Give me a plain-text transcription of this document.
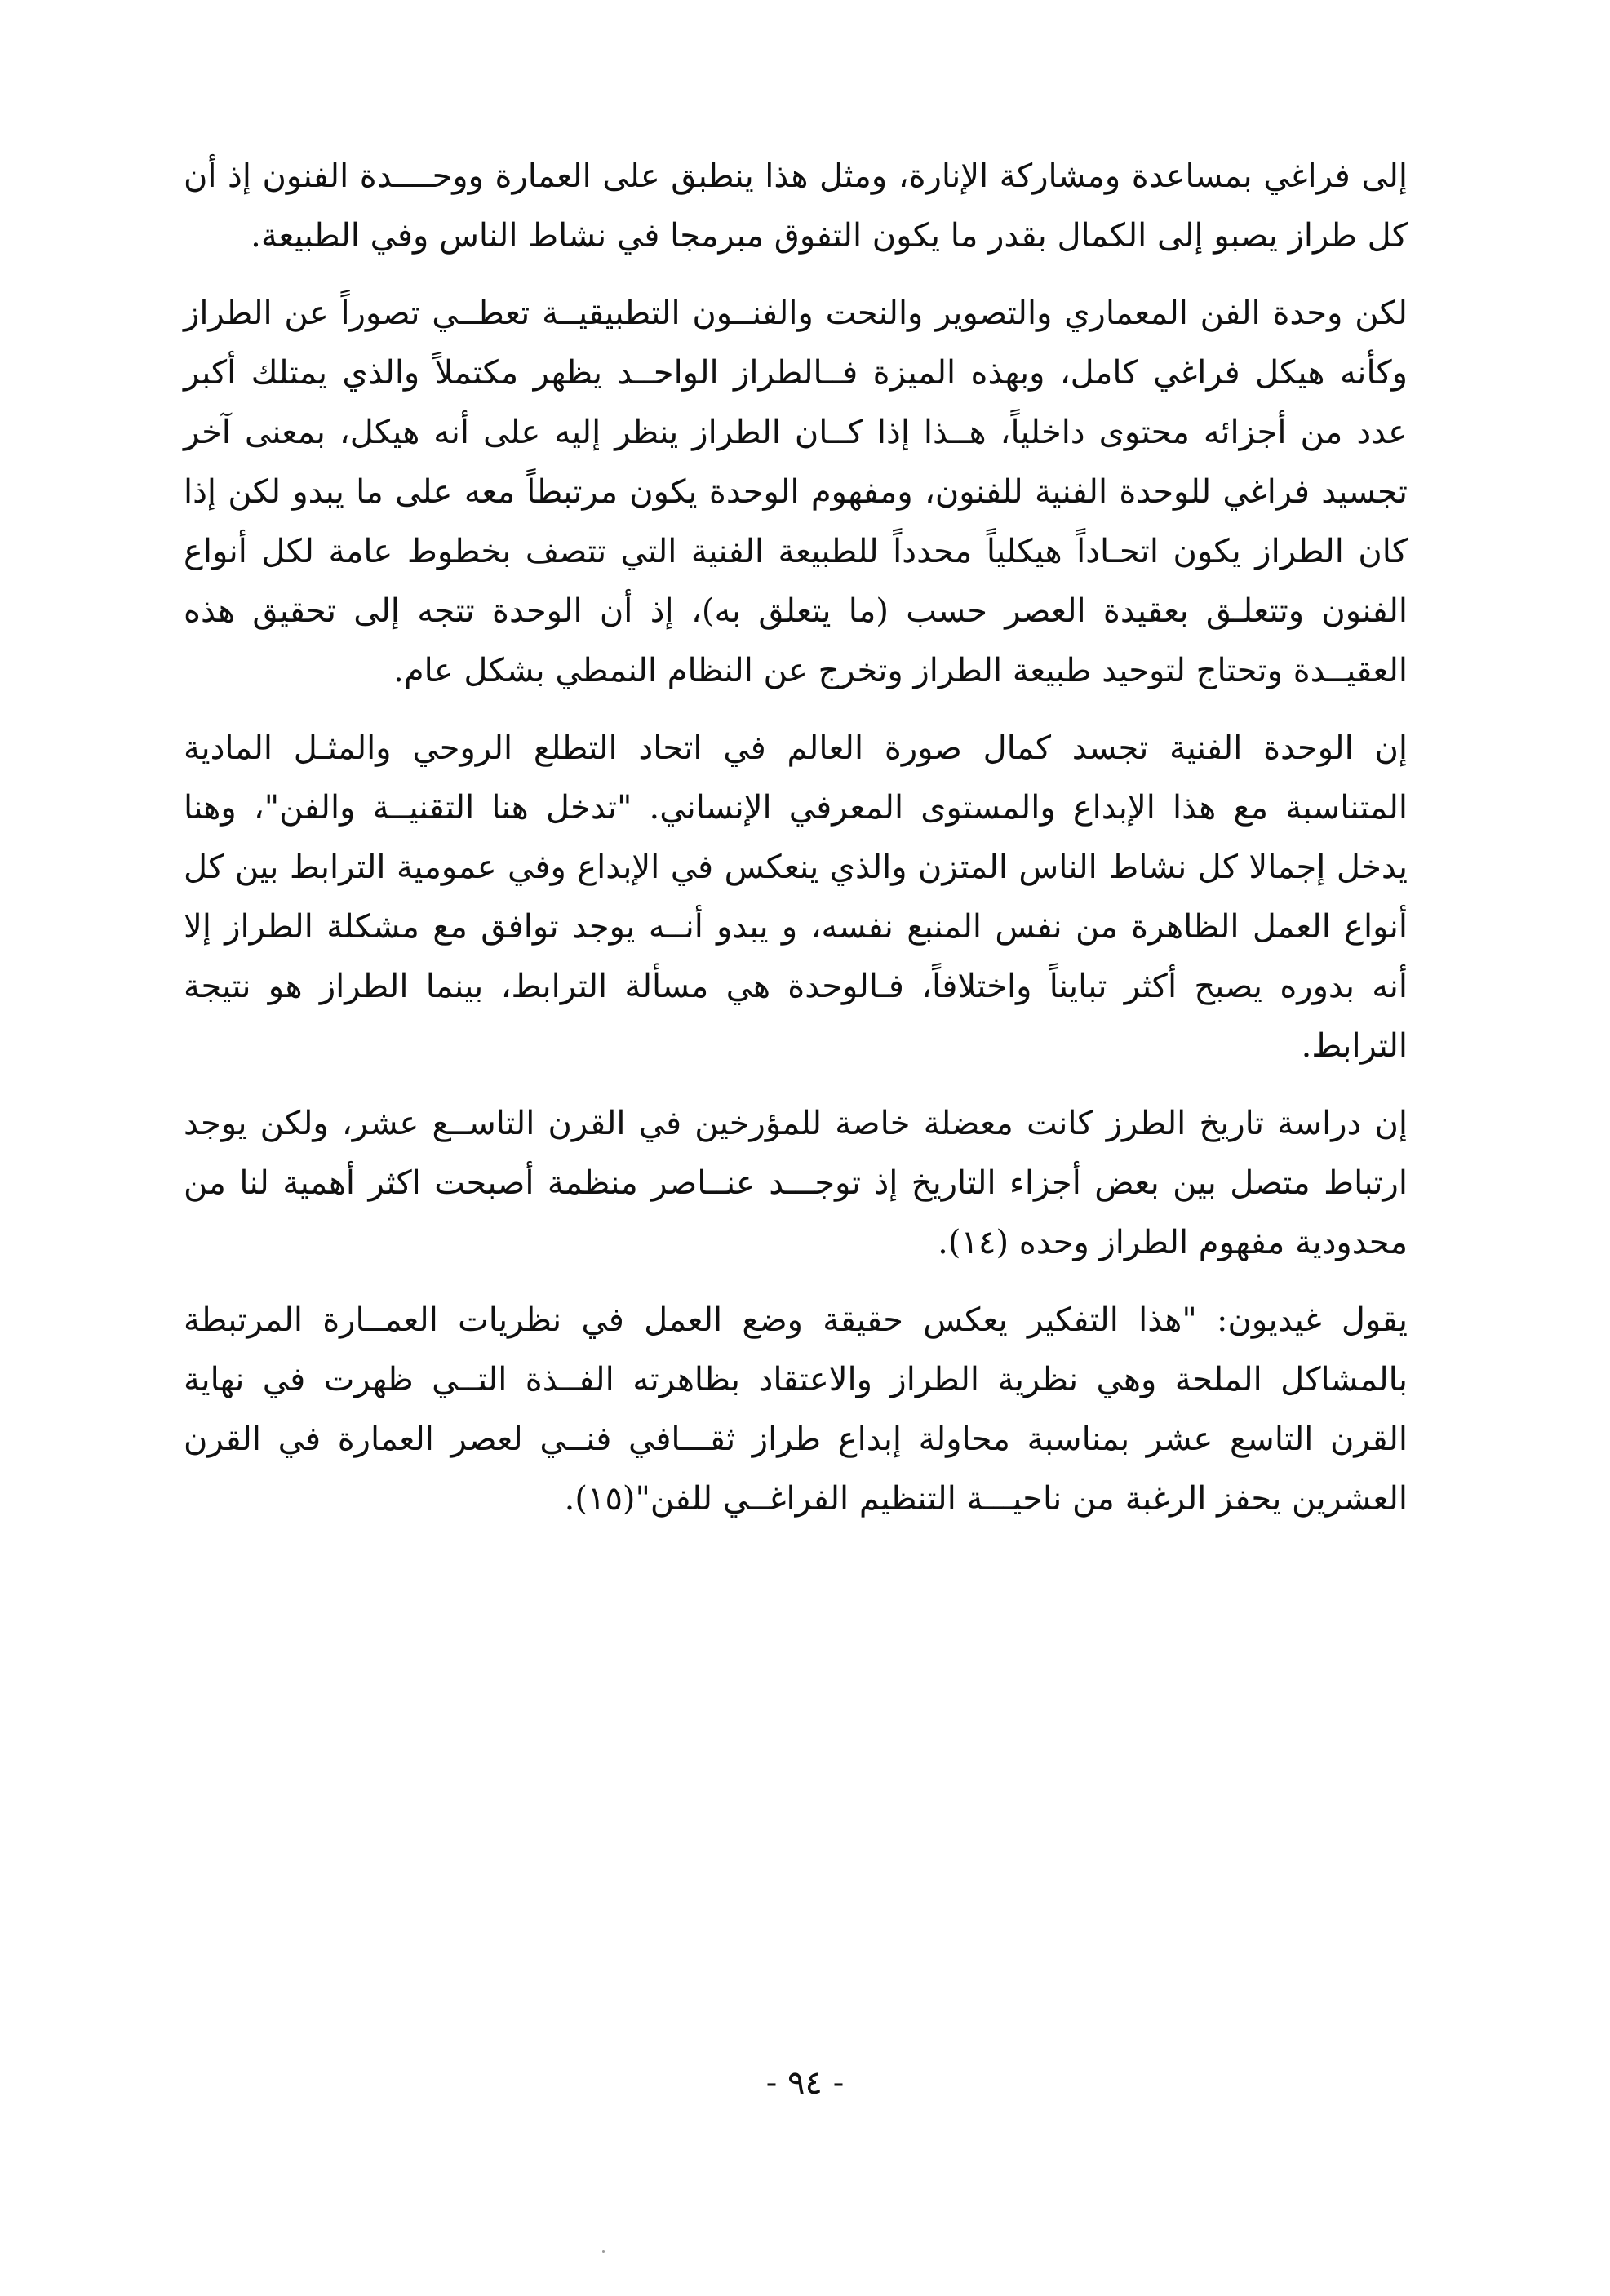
إلى فراغي بمساعدة ومشاركة الإنارة، ومثل هذا ينطبق على العمارة ووحــــدة الفنون إذ أن كل طراز يصبو إلى الكمال بقدر ما يكون التفوق مبرمجا في نشاط الناس وفي الطبيعة.

لكن وحدة الفن المعماري والتصوير والنحت والفنــون التطبيقيــة تعطــي تصوراً عن الطراز وكأنه هيكل فراغي كامل، وبهذه الميزة فــالطراز الواحــد يظهر مكتملاً والذي يمتلك أكبر عدد من أجزائه محتوى داخلياً، هــذا إذا كــان الطراز ينظر إليه على أنه هيكل، بمعنى آخر تجسيد فراغي للوحدة الفنية للفنون، ومفهوم الوحدة يكون مرتبطاً معه على ما يبدو لكن إذا كان الطراز يكون اتحـاداً هيكلياً محدداً للطبيعة الفنية التي تتصف بخطوط عامة لكل أنواع الفنون وتتعلـق بعقيدة العصر حسب (ما يتعلق به)، إذ أن الوحدة تتجه إلى تحقيق هذه العقيــدة وتحتاج لتوحيد طبيعة الطراز وتخرج عن النظام النمطي بشكل عام.

إن الوحدة الفنية تجسد كمال صورة العالم في اتحاد التطلع الروحي والمثـل المادية المتناسبة مع هذا الإبداع والمستوى المعرفي الإنساني. "تدخل هنا التقنيــة والفن"، وهنا يدخل إجمالا كل نشاط الناس المتزن والذي ينعكس في الإبداع وفي عمومية الترابط بين كل أنواع العمل الظاهرة من نفس المنبع نفسه، و يبدو أنــه يوجد توافق مع مشكلة الطراز إلا أنه بدوره يصبح أكثر تبايناً واختلافاً، فـالوحدة هي مسألة الترابط، بينما الطراز هو نتيجة الترابط.

إن دراسة تاريخ الطرز كانت معضلة خاصة للمؤرخين في القرن التاســع عشر، ولكن يوجد ارتباط متصل بين بعض أجزاء التاريخ إذ توجـــد عنــاصر منظمة أصبحت اكثر أهمية لنا من محدودية مفهوم الطراز وحده (١٤).

يقول غيديون: "هذا التفكير يعكس حقيقة وضع العمل في نظريات العمــارة المرتبطة بالمشاكل الملحة وهي نظرية الطراز والاعتقاد بظاهرته الفــذة التــي ظهرت في نهاية القرن التاسع عشر بمناسبة محاولة إبداع طراز ثقـــافي فنــي لعصر العمارة في القرن العشرين يحفز الرغبة من ناحيـــة التنظيم الفراغــي للفن"(١٥).

- ٩٤ -
